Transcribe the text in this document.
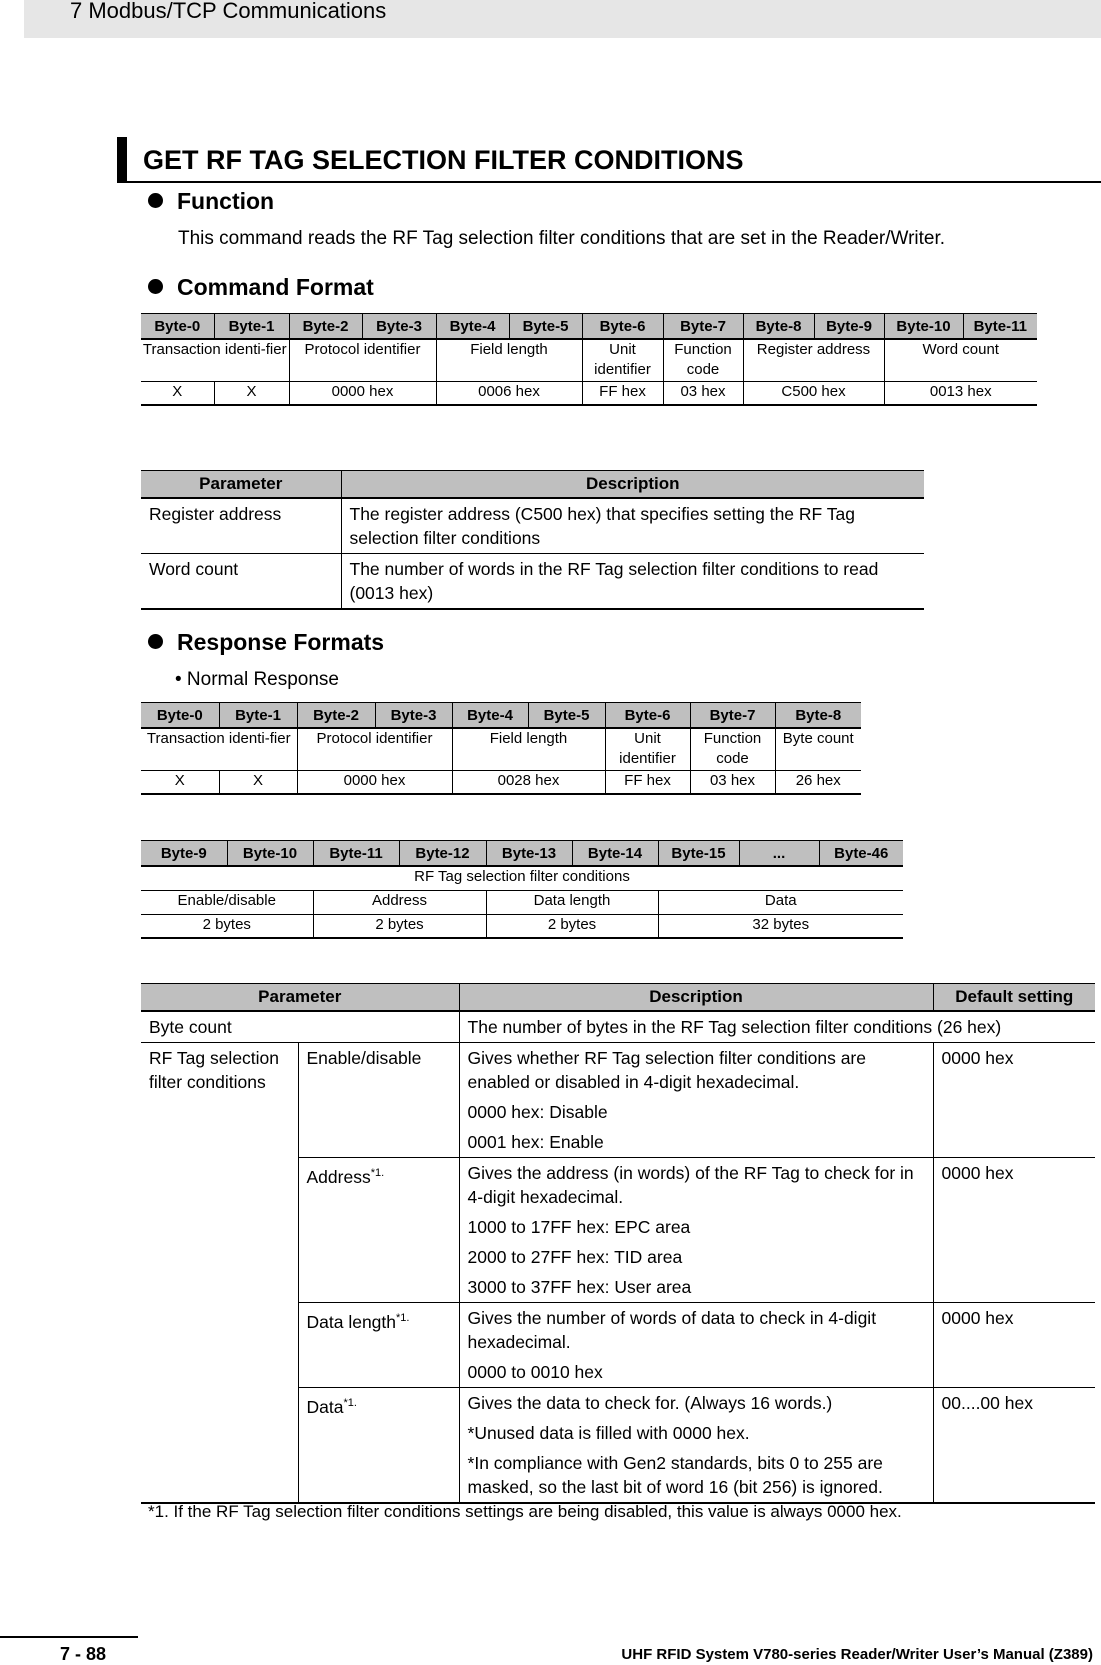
7 Modbus/TCP Communications
GET RF TAG SELECTION FILTER CONDITIONS
Function
This command reads the RF Tag selection filter conditions that are set in the Reader/Writer.
Command Format
Byte-0	Byte-1	Byte-2	Byte-3	Byte-4	Byte-5	Byte-6	Byte-7	Byte-8	Byte-9	Byte-10	Byte-11
Transaction identi-fier		Protocol identifier		Field length		Unit identifier	Function code	Register address		Word count	
X	X	0000 hex		0006 hex		FF hex	03 hex	C500 hex		0013 hex	
Parameter	Description
Register address	The register address (C500 hex) that specifies setting the RF Tag selection filter conditions
Word count	The number of words in the RF Tag selection filter conditions to read (0013 hex)
Response Formats
• Normal Response
Byte-0	Byte-1	Byte-2	Byte-3	Byte-4	Byte-5	Byte-6	Byte-7	Byte-8
Transaction identi-fier		Protocol identifier		Field length		Unit identifier	Function code	Byte count
X	X	0000 hex		0028 hex		FF hex	03 hex	26 hex
Byte-9	Byte-10	Byte-11	Byte-12	Byte-13	Byte-14	Byte-15	...	Byte-46
RF Tag selection filter conditions								
Enable/disable		Address		Data length		Data		
2 bytes		2 bytes		2 bytes		32 bytes		
Parameter		Description	Default setting
Byte count		The number of bytes in the RF Tag selection filter conditions (26 hex)	
RF Tag selection filter conditions	Enable/disable	Gives whether RF Tag selection filter conditions are enabled or disabled in 4-digit hexadecimal.

0000 hex: Disable

0001 hex: Enable	0000 hex
	Address$^{*1.}$	Gives the address (in words) of the RF Tag to check for in 4-digit hexadecimal.

1000 to 17FF hex: EPC area

2000 to 27FF hex: TID area

3000 to 37FF hex: User area	0000 hex
	Data length$^{*1.}$	Gives the number of words of data to check in 4-digit hexadecimal.

0000 to 0010 hex	0000 hex
	Data$^{*1.}$	Gives the data to check for. (Always 16 words.)

*Unused data is filled with 0000 hex.

*In compliance with Gen2 standards, bits 0 to 255 are masked, so the last bit of word 16 (bit 256) is ignored.	00....00 hex
*1. If the RF Tag selection filter conditions settings are being disabled, this value is always 0000 hex.
7 - 88	UHF RFID System V780-series Reader/Writer User’s Manual (Z389)
